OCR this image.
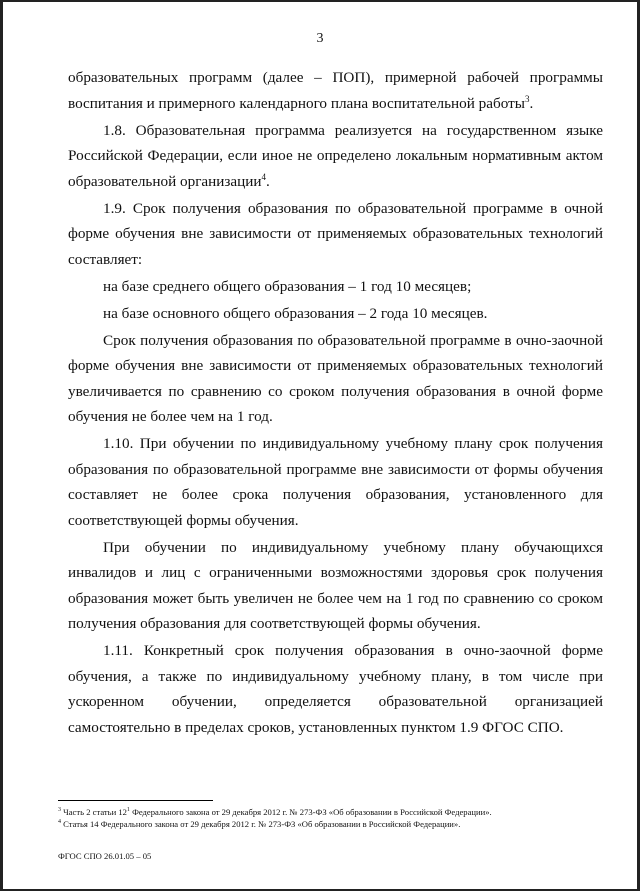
3

образовательных программ (далее – ПОП), примерной рабочей программы воспитания и примерного календарного плана воспитательной работы$^3$.

1.8. Образовательная программа реализуется на государственном языке Российской Федерации, если иное не определено локальным нормативным актом образовательной организации$^4$.

1.9. Срок получения образования по образовательной программе в очной форме обучения вне зависимости от применяемых образовательных технологий составляет:

на базе среднего общего образования – 1 год 10 месяцев;

на базе основного общего образования – 2 года 10 месяцев.

Срок получения образования по образовательной программе в очно-заочной форме обучения вне зависимости от применяемых образовательных технологий увеличивается по сравнению со сроком получения образования в очной форме обучения не более чем на 1 год.

1.10. При обучении по индивидуальному учебному плану срок получения образования по образовательной программе вне зависимости от формы обучения составляет не более срока получения образования, установленного для соответствующей формы обучения.

При обучении по индивидуальному учебному плану обучающихся инвалидов и лиц с ограниченными возможностями здоровья срок получения образования может быть увеличен не более чем на 1 год по сравнению со сроком получения образования для соответствующей формы обучения.

1.11. Конкретный срок получения образования в очно-заочной форме обучения, а также по индивидуальному учебному плану, в том числе при ускоренном обучении, определяется образовательной организацией самостоятельно в пределах сроков, установленных пунктом 1.9 ФГОС СПО.

$^3$ Часть 2 статьи $12^1$ Федерального закона от 29 декабря 2012 г. № 273-ФЗ «Об образовании в Российской Федерации».
$^4$ Статья 14 Федерального закона от 29 декабря 2012 г. № 273-ФЗ «Об образовании в Российской Федерации».
ФГОС СПО 26.01.05 – 05
